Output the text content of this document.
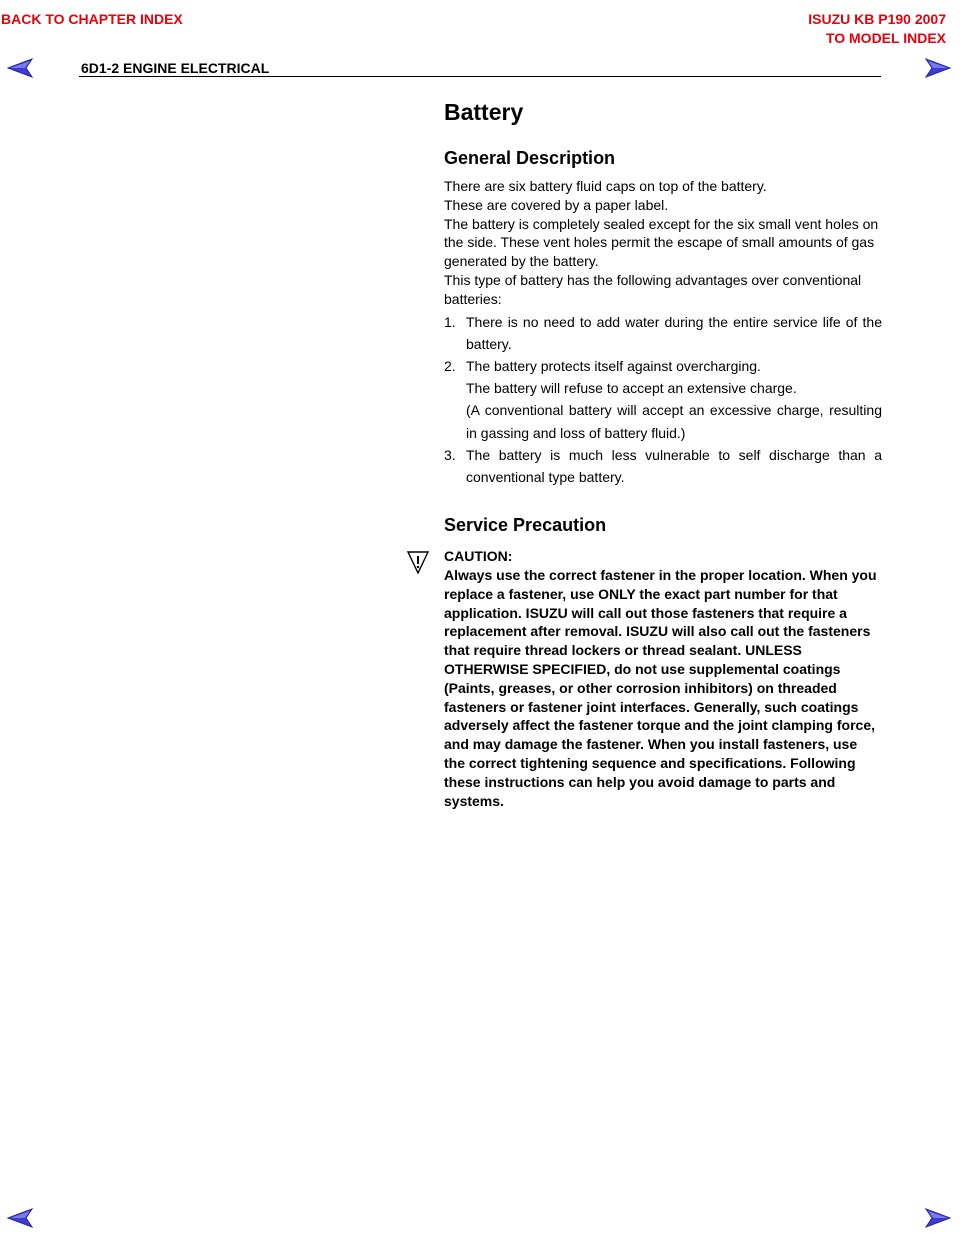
BACK TO CHAPTER INDEX	ISUZU KB P190 2007
TO MODEL INDEX
6D1-2 ENGINE ELECTRICAL
Battery
General Description

There are six battery fluid caps on top of the battery.

These are covered by a paper label.

The battery is completely sealed except for the six small vent holes on the side. These vent holes permit the escape of small amounts of gas generated by the battery.

This type of battery has the following advantages over conventional batteries:

1. There is no need to add water during the entire service life of the battery.
2. The battery protects itself against overcharging.
The battery will refuse to accept an extensive charge.
(A conventional battery will accept an excessive charge, resulting in gassing and loss of battery fluid.)
3. The battery is much less vulnerable to self discharge than a conventional type battery.
Service Precaution
CAUTION:
Always use the correct fastener in the proper location. When you replace a fastener, use ONLY the exact part number for that application. ISUZU will call out those fasteners that require a replacement after removal. ISUZU will also call out the fasteners that require thread lockers or thread sealant. UNLESS OTHERWISE SPECIFIED, do not use supplemental coatings (Paints, greases, or other corrosion inhibitors) on threaded fasteners or fastener joint interfaces. Generally, such coatings adversely affect the fastener torque and the joint clamping force, and may damage the fastener. When you install fasteners, use the correct tightening sequence and specifications. Following these instructions can help you avoid damage to parts and systems.
